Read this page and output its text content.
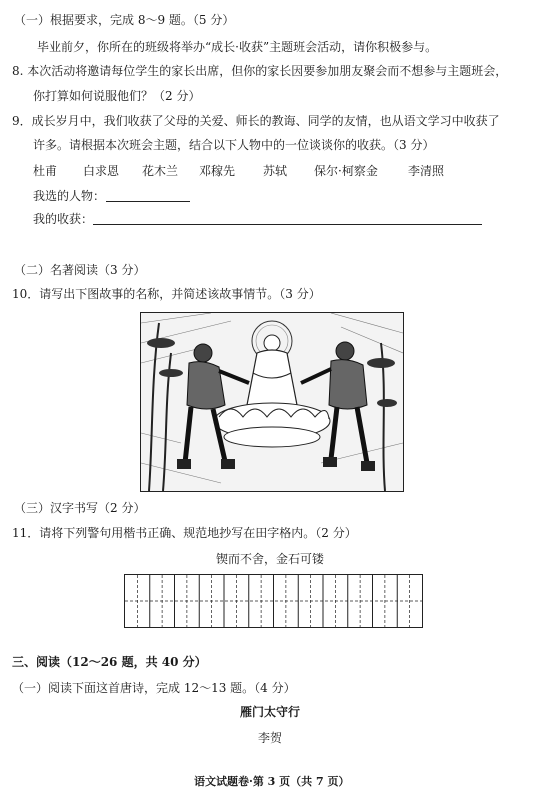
（一）根据要求，完成 8～9 题。（5 分）
毕业前夕，你所在的班级将举办“成长·收获”主题班会活动，请你积极参与。
8. 本次活动将邀请每位学生的家长出席，但你的家长因要参加朋友聚会而不想参与主题班会，
你打算如何说服他们？（2 分）
9．成长岁月中，我们收获了父母的关爱、师长的教诲、同学的友情，也从语文学习中收获了
许多。请根据本次班会主题，结合以下人物中的一位谈谈你的收获。（3 分）
杜甫 白求恩 花木兰 邓稼先 苏轼 保尔·柯察金	李清照
我选的人物：
我的收获：
（二）名著阅读（3 分）
10．请写出下图故事的名称，并简述该故事情节。（3 分）
（三）汉字书写（2 分）
11．请将下列警句用楷书正确、规范地抄写在田字格内。（2 分）
锲而不舍，金石可镂
三、阅读（12～26 题，共 40 分）
（一）阅读下面这首唐诗，完成 12～13 题。（4 分）
雁门太守行
李贺
语文试题卷·第 3 页（共 7 页）
